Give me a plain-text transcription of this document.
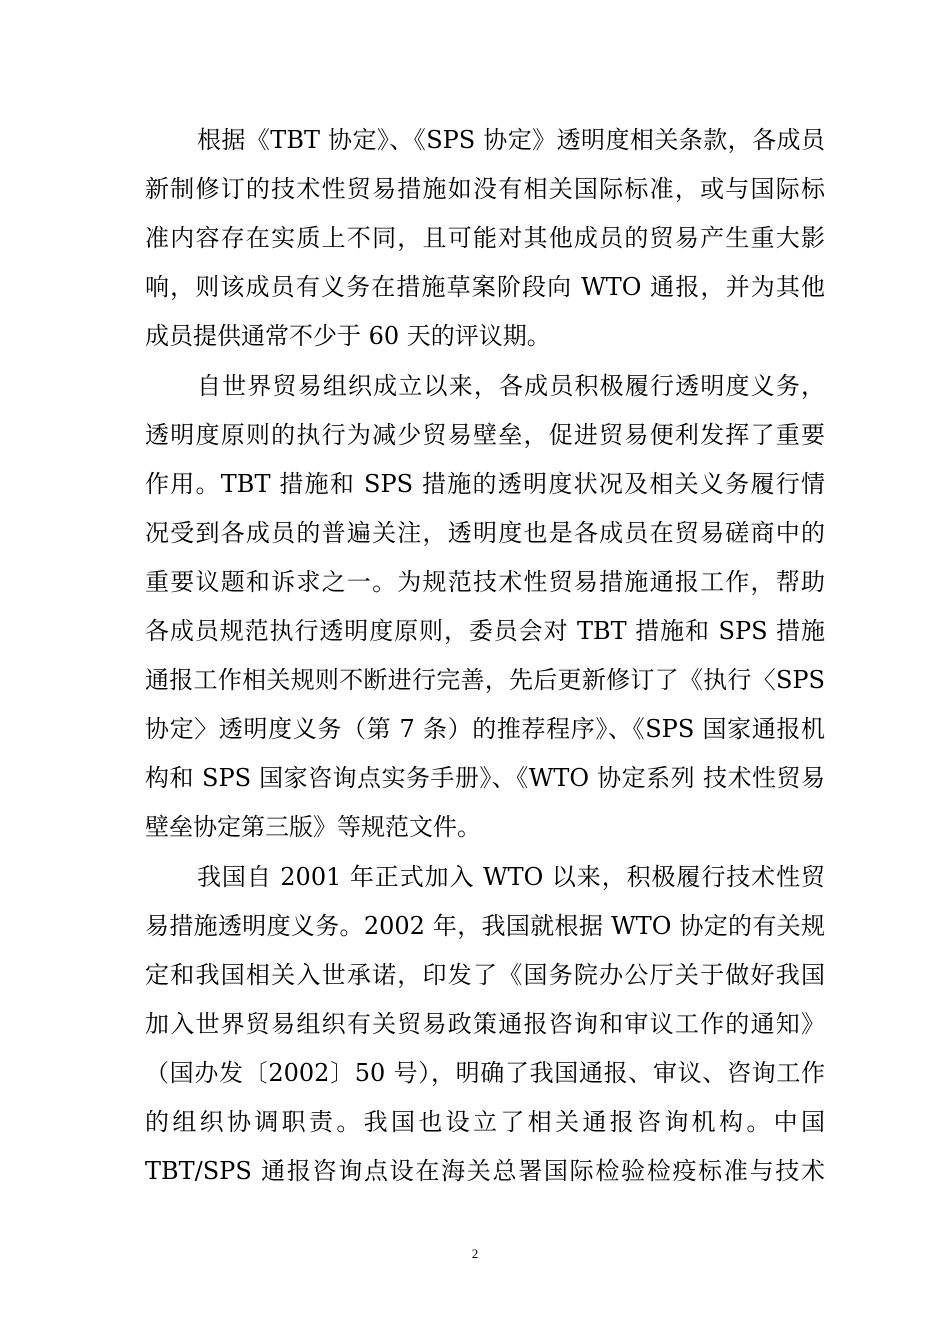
根据《TBT 协定》、《SPS 协定》透明度相关条款，各成员
新制修订的技术性贸易措施如没有相关国际标准，或与国际标
准内容存在实质上不同，且可能对其他成员的贸易产生重大影
响，则该成员有义务在措施草案阶段向 WTO 通报，并为其他
成员提供通常不少于 60 天的评议期。
自世界贸易组织成立以来，各成员积极履行透明度义务，
透明度原则的执行为减少贸易壁垒，促进贸易便利发挥了重要
作用。TBT 措施和 SPS 措施的透明度状况及相关义务履行情
况受到各成员的普遍关注，透明度也是各成员在贸易磋商中的
重要议题和诉求之一。为规范技术性贸易措施通报工作，帮助
各成员规范执行透明度原则，委员会对 TBT 措施和 SPS 措施
通报工作相关规则不断进行完善，先后更新修订了《执行〈SPS
协定〉透明度义务（第 7 条）的推荐程序》、《SPS 国家通报机
构和 SPS 国家咨询点实务手册》、《WTO 协定系列 技术性贸易
壁垒协定第三版》等规范文件。
我国自 2001 年正式加入 WTO 以来，积极履行技术性贸
易措施透明度义务。2002 年，我国就根据 WTO 协定的有关规
定和我国相关入世承诺，印发了《国务院办公厅关于做好我国
加入世界贸易组织有关贸易政策通报咨询和审议工作的通知》
（国办发〔2002〕50 号），明确了我国通报、审议、咨询工作
的组织协调职责。我国也设立了相关通报咨询机构。中国
TBT/SPS 通报咨询点设在海关总署国际检验检疫标准与技术
2
